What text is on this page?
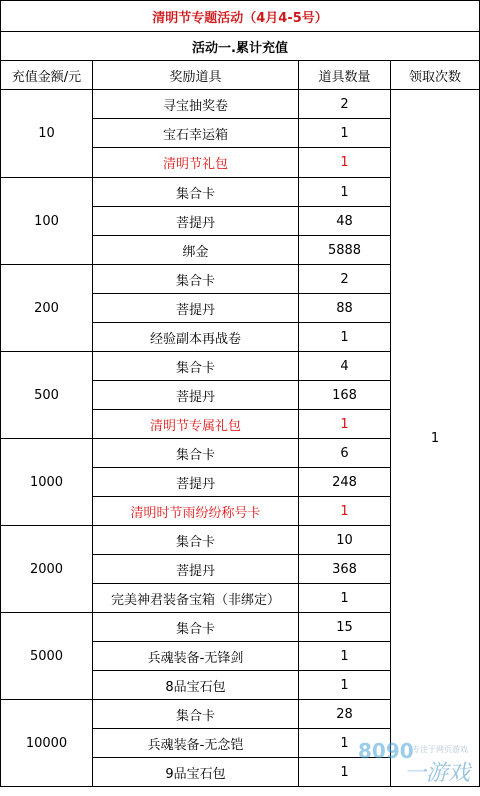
清明节专题活动（4月4-5号）			
活动一.累计充值			
充值金额/元	奖励道具	道具数量	领取次数
10	寻宝抽奖卷	2	1
	宝石幸运箱	1	
	清明节礼包	1	
100	集合卡	1	
	菩提丹	48	
	绑金	5888	
200	集合卡	2	
	菩提丹	88	
	经验副本再战卷	1	
500	集合卡	4	
	菩提丹	168	
	清明节专属礼包	1	
1000	集合卡	6	
	菩提丹	248	
	清明时节雨纷纷称号卡	1	
2000	集合卡	10	
	菩提丹	368	
	完美神君装备宝箱（非绑定）	1	
5000	集合卡	15	
	兵魂装备-无锋剑	1	
	8品宝石包	1	
10000	集合卡	28	
	兵魂装备-无念铠	1	
	9品宝石包	1	
8090
专注于网页游戏
一游戏
